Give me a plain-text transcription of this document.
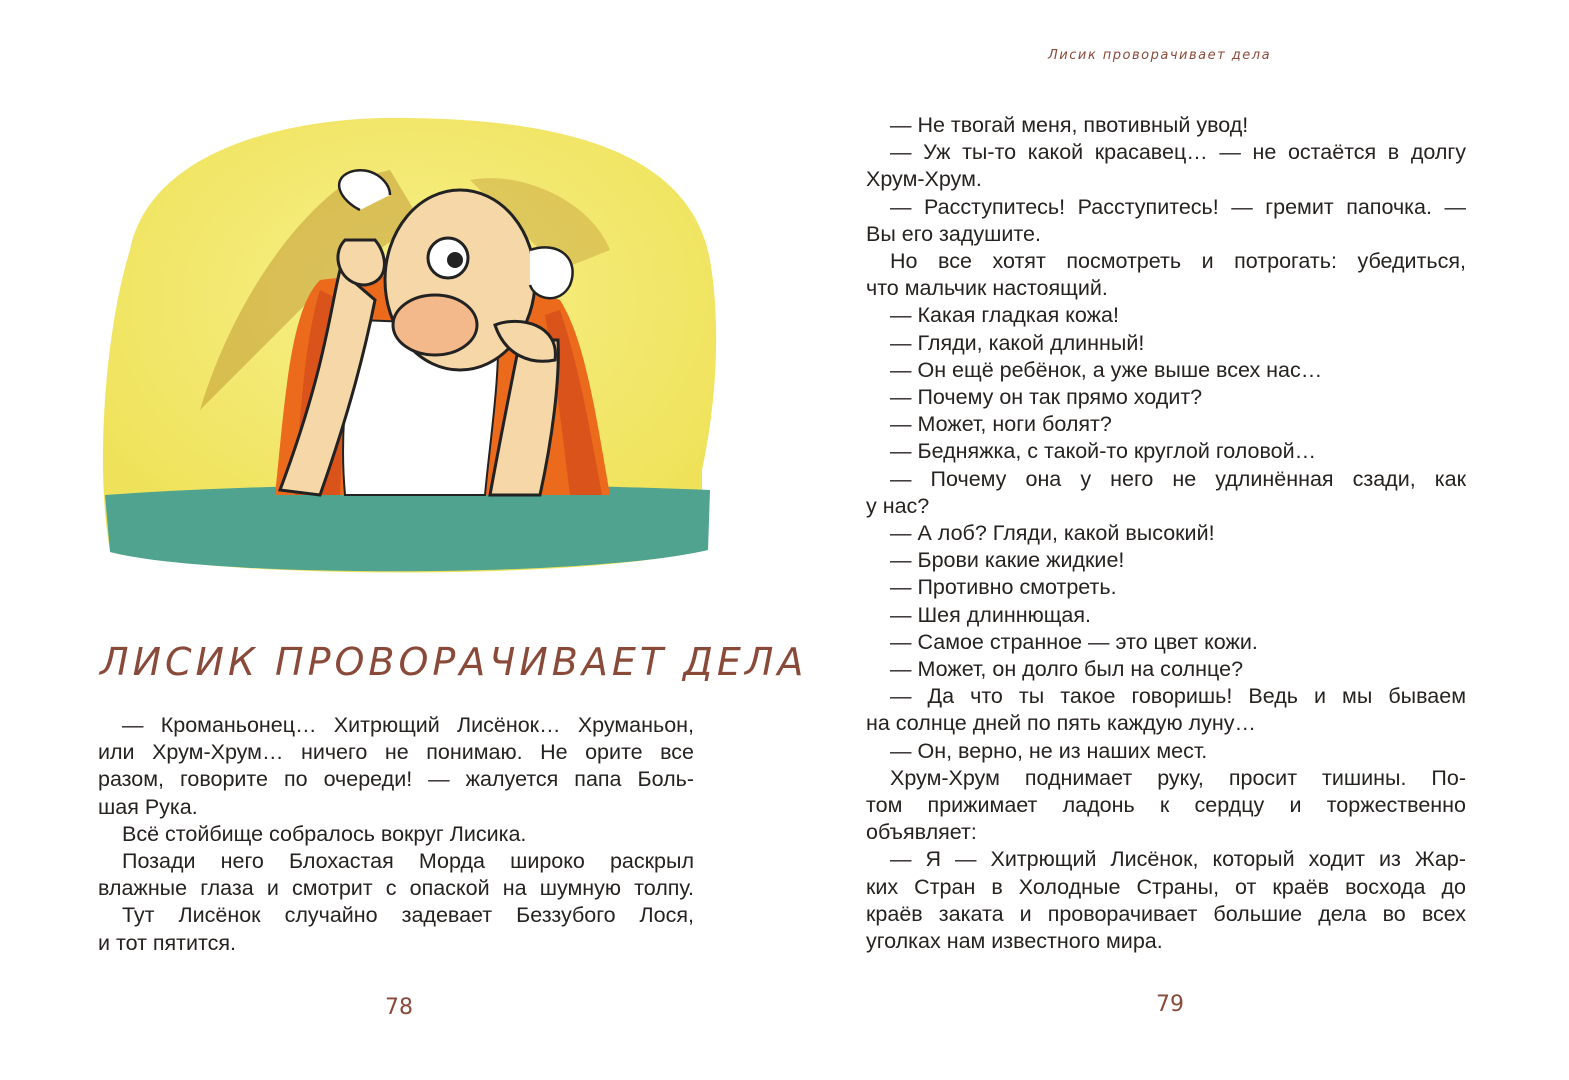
ЛИСИК ПРОВОРАЧИВАЕТ ДЕЛА

— Кроманьонец… Хитрющий Лисёнок… Хруманьон,
или Хрум-Хрум… ничего не понимаю. Не орите все
разом, говорите по очереди! — жалуется папа Боль-
шая Рука.

Всё стойбище собралось вокруг Лисика.

Позади него Блохастая Морда широко раскрыл
влажные глаза и смотрит с опаской на шумную толпу.

Тут Лисёнок случайно задевает Беззубого Лося,
и тот пятится.

78
Лисик проворачивает дела

— Не твогай меня, пвотивный увод!

— Уж ты-то какой красавец… — не остаётся в долгу
Хрум-Хрум.

— Расступитесь! Расступитесь! — гремит папочка. —
Вы его задушите.

Но все хотят посмотреть и потрогать: убедиться,
что мальчик настоящий.

— Какая гладкая кожа!

— Гляди, какой длинный!

— Он ещё ребёнок, а уже выше всех нас…

— Почему он так прямо ходит?

— Может, ноги болят?

— Бедняжка, с такой-то круглой головой…

— Почему она у него не удлинённая сзади, как
у нас?

— А лоб? Гляди, какой высокий!

— Брови какие жидкие!

— Противно смотреть.

— Шея длиннющая.

— Самое странное — это цвет кожи.

— Может, он долго был на солнце?

— Да что ты такое говоришь! Ведь и мы бываем
на солнце дней по пять каждую луну…

— Он, верно, не из наших мест.

Хрум-Хрум поднимает руку, просит тишины. По-
том прижимает ладонь к сердцу и торжественно
объявляет:

— Я — Хитрющий Лисёнок, который ходит из Жар-
ких Стран в Холодные Страны, от краёв восхода до
краёв заката и проворачивает большие дела во всех
уголках нам известного мира.

79
